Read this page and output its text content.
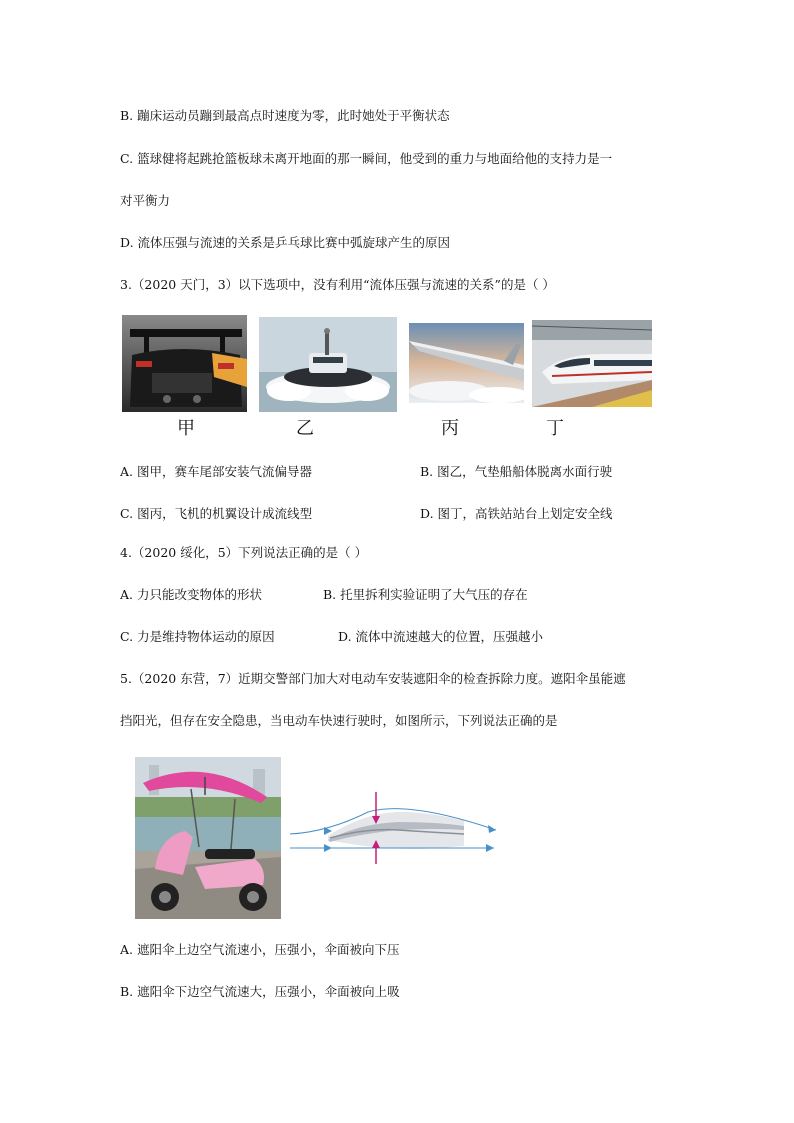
B. 蹦床运动员蹦到最高点时速度为零，此时她处于平衡状态
C. 篮球健将起跳抢篮板球未离开地面的那一瞬间，他受到的重力与地面给他的支持力是一
对平衡力
D. 流体压强与流速的关系是乒乓球比赛中弧旋球产生的原因
3.（2020 天门，3）以下选项中，没有利用“流体压强与流速的关系”的是（ ）
甲	乙	丙	丁
A. 图甲，赛车尾部安装气流偏导器	B. 图乙，气垫船船体脱离水面行驶
C. 图丙，飞机的机翼设计成流线型	D. 图丁，高铁站站台上划定安全线
4.（2020 绥化，5）下列说法正确的是（ ）
A. 力只能改变物体的形状	B. 托里拆利实验证明了大气压的存在
C. 力是维持物体运动的原因	D. 流体中流速越大的位置，压强越小
5.（2020 东营，7）近期交警部门加大对电动车安装遮阳伞的检查拆除力度。遮阳伞虽能遮
挡阳光，但存在安全隐患，当电动车快速行驶时，如图所示，下列说法正确的是
A. 遮阳伞上边空气流速小，压强小，伞面被向下压
B. 遮阳伞下边空气流速大，压强小，伞面被向上吸
